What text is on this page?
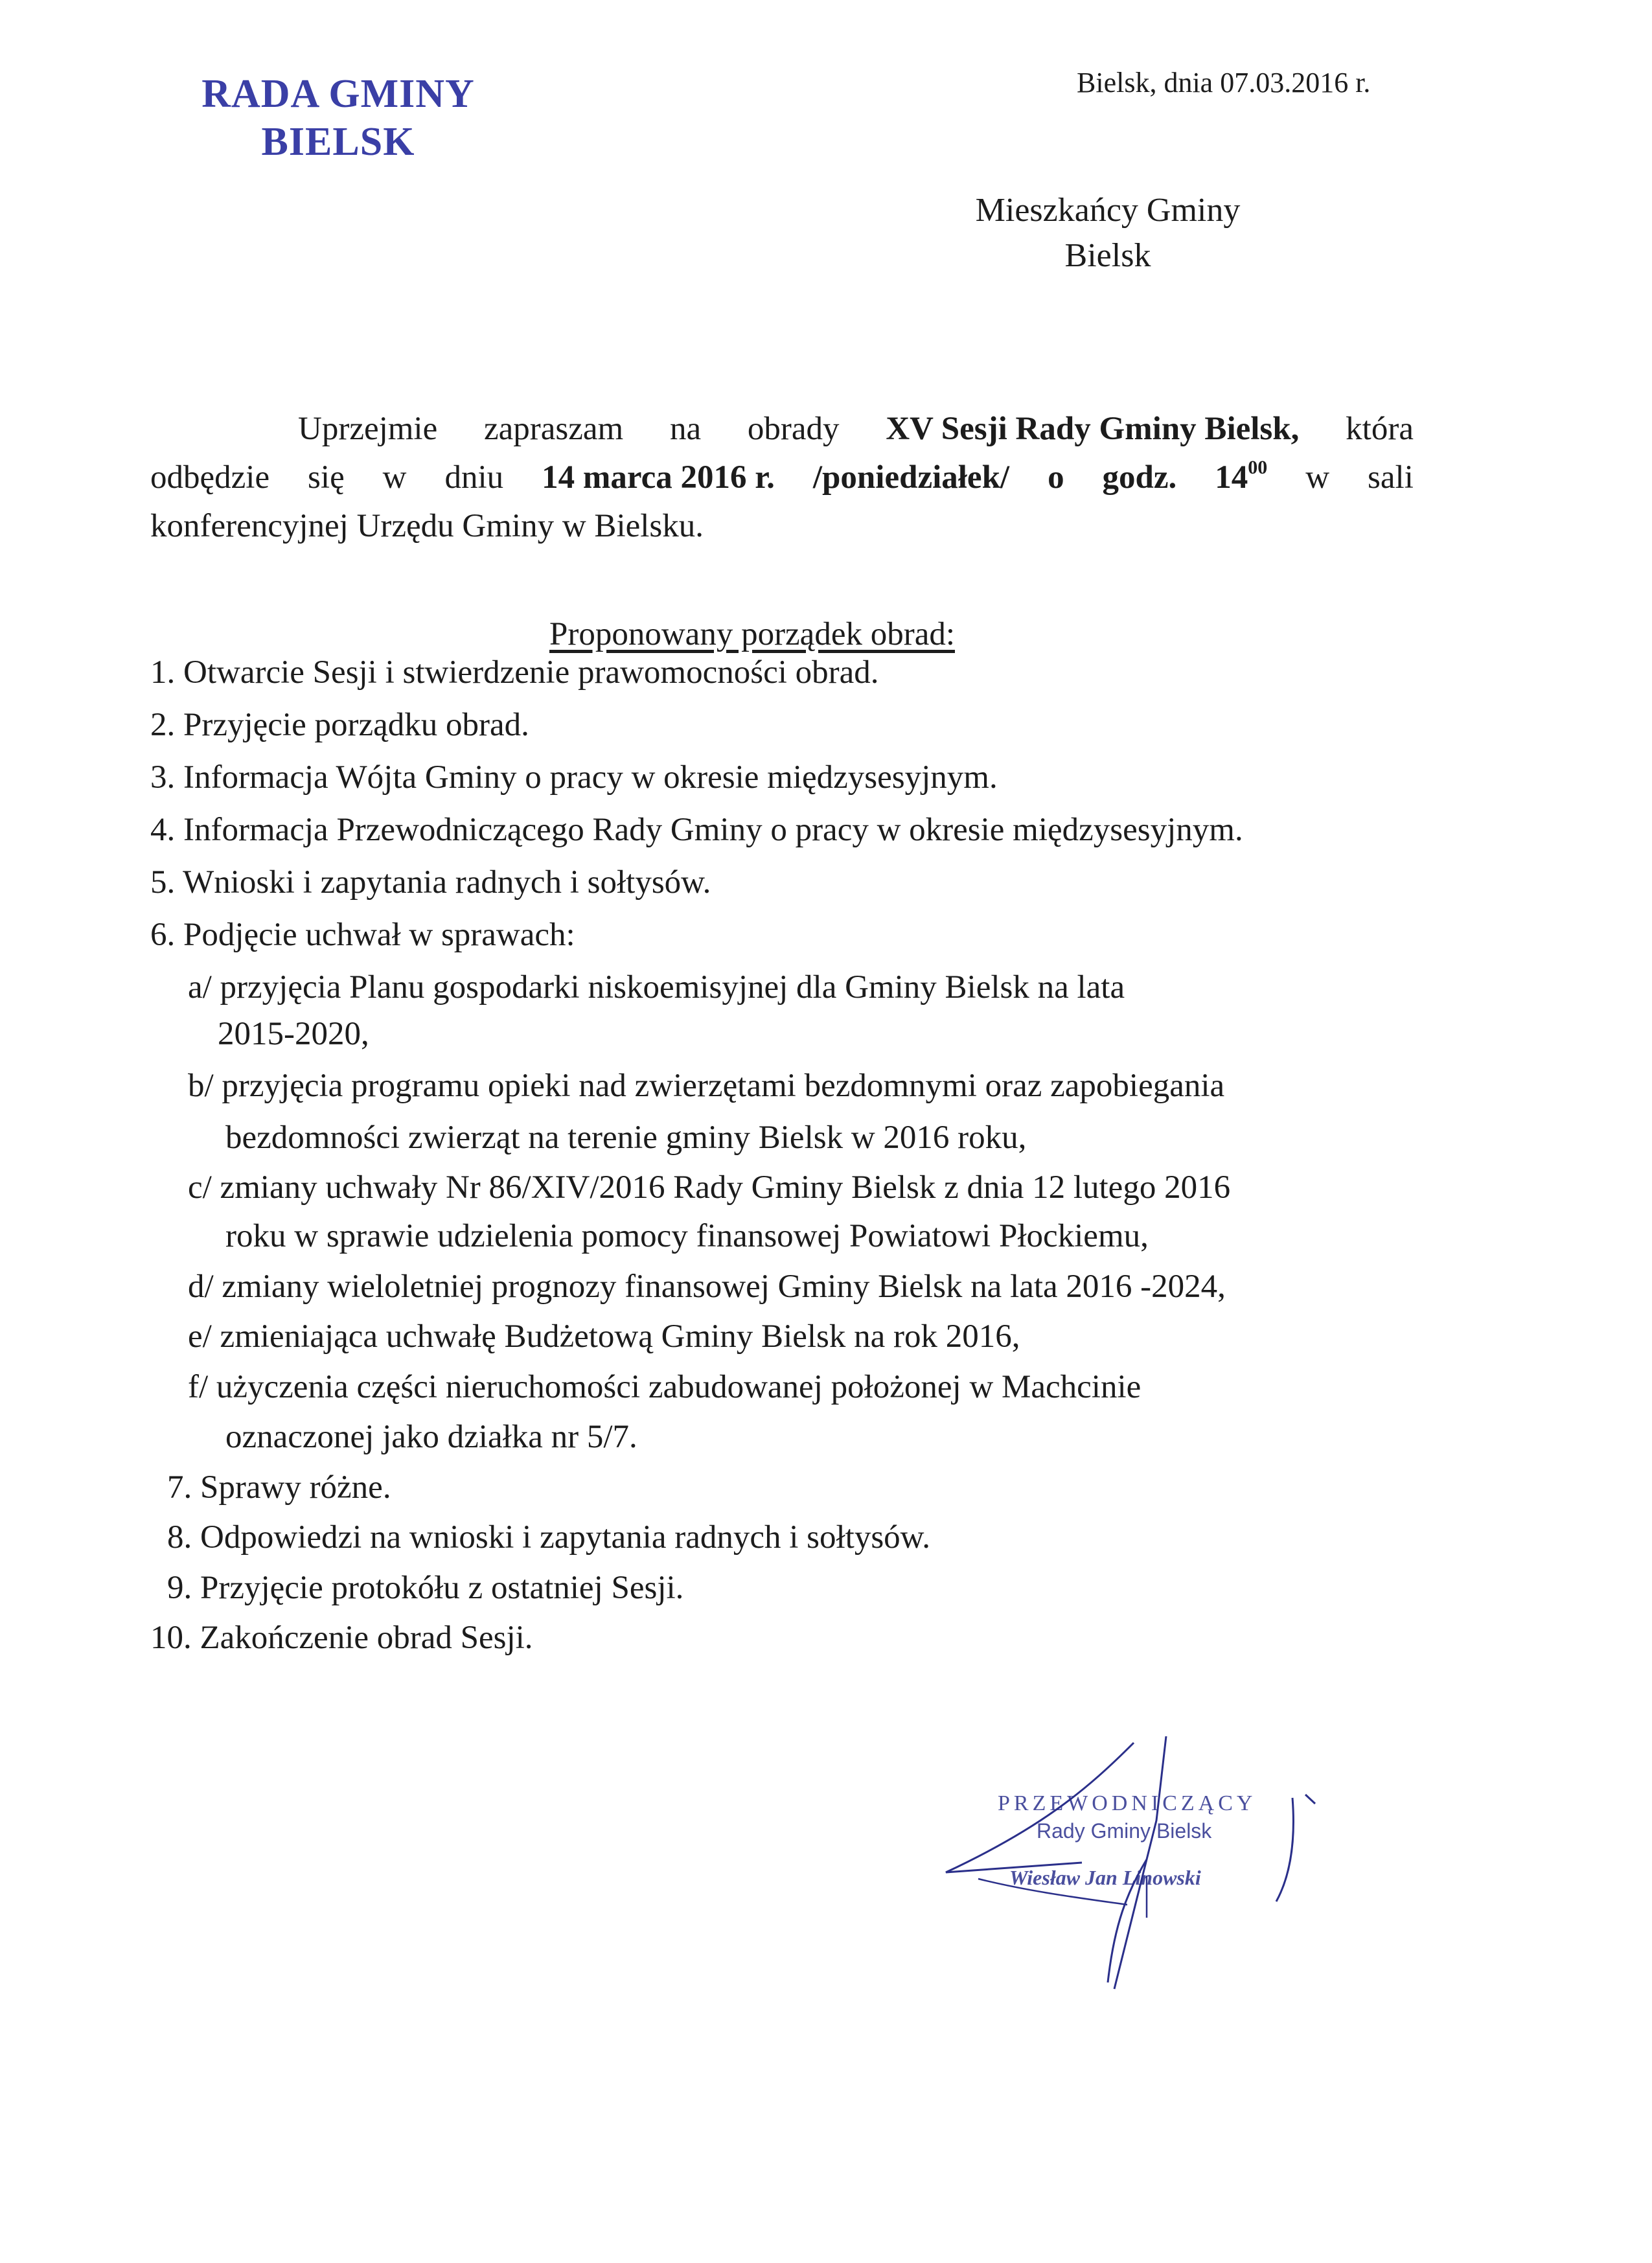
RADA GMINY
BIELSK
Bielsk, dnia 07.03.2016 r.
Mieszkańcy Gminy
Bielsk
Uprzejmie zapraszam na obrady XV Sesji Rady Gminy Bielsk, która
odbędzie się w dniu 14 marca 2016 r. /poniedziałek/ o godz. $14^{00}$ w sali
konferencyjnej Urzędu Gminy w Bielsku.
Proponowany porządek obrad:
1. Otwarcie Sesji i stwierdzenie prawomocności obrad.
2. Przyjęcie porządku obrad.
3. Informacja Wójta Gminy o pracy w okresie międzysesyjnym.
4. Informacja Przewodniczącego Rady Gminy o pracy w okresie międzysesyjnym.
5. Wnioski i zapytania radnych i sołtysów.
6. Podjęcie uchwał w sprawach:
a/ przyjęcia Planu gospodarki niskoemisyjnej dla Gminy Bielsk na lata
2015-2020,
b/ przyjęcia programu opieki nad zwierzętami bezdomnymi oraz zapobiegania
bezdomności zwierząt na terenie gminy Bielsk w 2016 roku,
c/ zmiany uchwały Nr 86/XIV/2016 Rady Gminy Bielsk z dnia 12 lutego 2016
roku w sprawie udzielenia pomocy finansowej Powiatowi Płockiemu,
d/ zmiany wieloletniej prognozy finansowej Gminy Bielsk na lata 2016 -2024,
e/ zmieniająca uchwałę Budżetową Gminy Bielsk na rok 2016,
f/ użyczenia części nieruchomości zabudowanej położonej w Machcinie
oznaczonej jako działka nr 5/7.
7. Sprawy różne.
8. Odpowiedzi na wnioski i zapytania radnych i sołtysów.
9. Przyjęcie protokółu z ostatniej Sesji.
10. Zakończenie obrad Sesji.
PRZEWODNICZĄCY
Rady Gminy Bielsk
Wiesław Jan Linowski
